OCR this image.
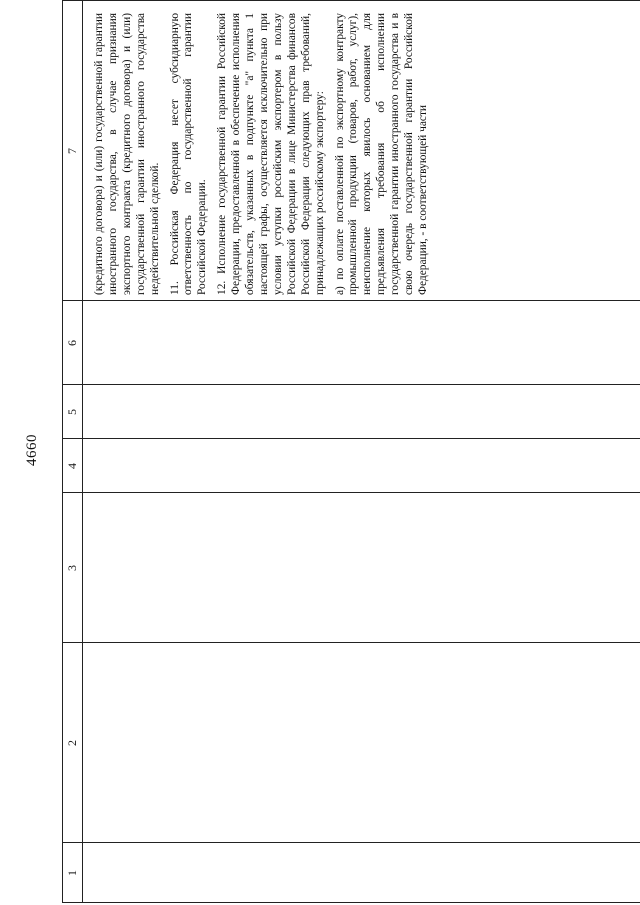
4660
1
2
3
4
5
6
7 (кредитного договора) и (или) государственной гарантии иностранного государства, в случае признания экспортного контракта (кредитного договора) и (или) государственной гарантии иностранного государства недействительной сделкой. 11. Российская Федерация несет субсидиарную ответственность по государственной гарантии Российской Федерации. 12. Исполнение государственной гарантии Российской Федерации, предоставленной в обеспечение исполнения обязательств, указанных в подпункте "а" пункта 1 настоящей графы, осуществляется исключительно при условии уступки российским экспортером в пользу Российской Федерации в лице Министерства финансов Российской Федерации следующих прав требований, принадлежащих российскому экспортеру: а) по оплате поставленной по экспортному контракту промышленной продукции (товаров, работ, услуг), неисполнение которых явилось основанием для предъявления требования об исполнении государственной гарантии иностранного государства и в свою очередь государственной гарантии Российской Федерации, - в соответствующей части
